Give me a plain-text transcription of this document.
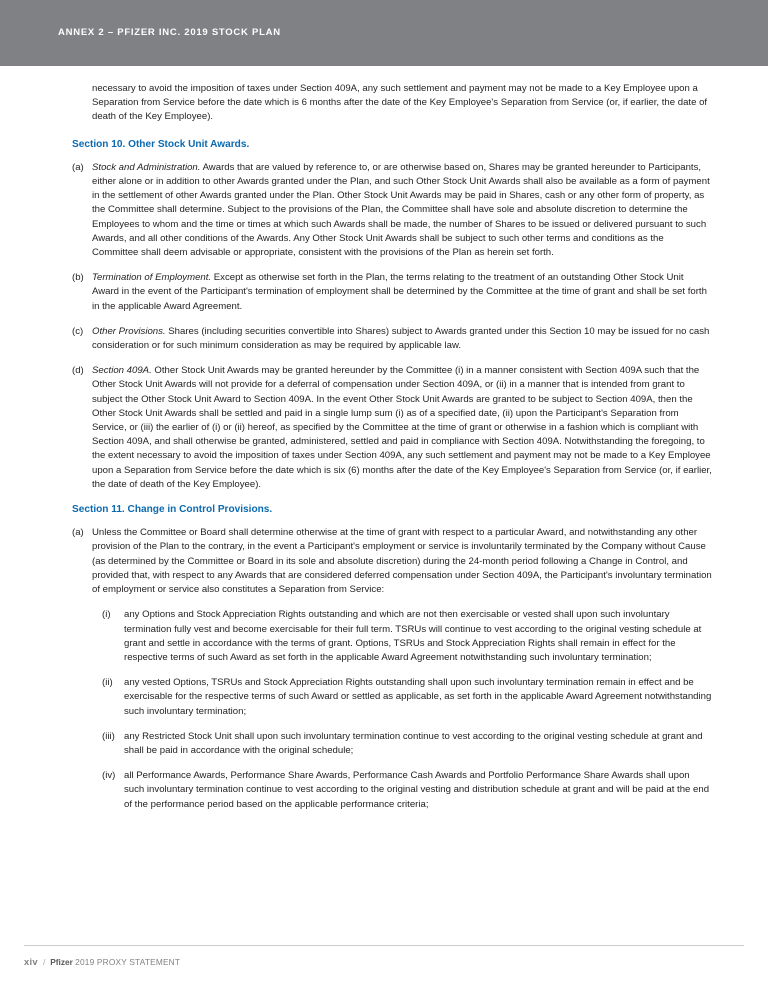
ANNEX 2 – PFIZER INC. 2019 STOCK PLAN

necessary to avoid the imposition of taxes under Section 409A, any such settlement and payment may not be made to a Key Employee upon a Separation from Service before the date which is 6 months after the date of the Key Employee's Separation from Service (or, if earlier, the date of death of the Key Employee).

Section 10. Other Stock Unit Awards.

(a) Stock and Administration. Awards that are valued by reference to, or are otherwise based on, Shares may be granted hereunder to Participants, either alone or in addition to other Awards granted under the Plan, and such Other Stock Unit Awards shall also be available as a form of payment in the settlement of other Awards granted under the Plan. Other Stock Unit Awards may be paid in Shares, cash or any other form of property, as the Committee shall determine. Subject to the provisions of the Plan, the Committee shall have sole and absolute discretion to determine the Employees to whom and the time or times at which such Awards shall be made, the number of Shares to be issued or delivered pursuant to such Awards, and all other conditions of the Awards. Any Other Stock Unit Awards shall be subject to such other terms and conditions as the Committee shall deem advisable or appropriate, consistent with the provisions of the Plan as herein set forth.
(b) Termination of Employment. Except as otherwise set forth in the Plan, the terms relating to the treatment of an outstanding Other Stock Unit Award in the event of the Participant's termination of employment shall be determined by the Committee at the time of grant and shall be set forth in the applicable Award Agreement.
(c) Other Provisions. Shares (including securities convertible into Shares) subject to Awards granted under this Section 10 may be issued for no cash consideration or for such minimum consideration as may be required by applicable law.
(d) Section 409A. Other Stock Unit Awards may be granted hereunder by the Committee (i) in a manner consistent with Section 409A such that the Other Stock Unit Awards will not provide for a deferral of compensation under Section 409A, or (ii) in a manner that is intended from grant to subject the Other Stock Unit Award to Section 409A. In the event Other Stock Unit Awards are granted to be subject to Section 409A, then the Other Stock Unit Awards shall be settled and paid in a single lump sum (i) as of a specified date, (ii) upon the Participant's Separation from Service, or (iii) the earlier of (i) or (ii) hereof, as specified by the Committee at the time of grant or otherwise in a fashion which is compliant with Section 409A, and shall otherwise be granted, administered, settled and paid in compliance with Section 409A. Notwithstanding the foregoing, to the extent necessary to avoid the imposition of taxes under Section 409A, any such settlement and payment may not be made to a Key Employee upon a Separation from Service before the date which is six (6) months after the date of the Key Employee's Separation from Service (or, if earlier, the date of death of the Key Employee).

Section 11. Change in Control Provisions.

(a) Unless the Committee or Board shall determine otherwise at the time of grant with respect to a particular Award, and notwithstanding any other provision of the Plan to the contrary, in the event a Participant's employment or service is involuntarily terminated by the Company without Cause (as determined by the Committee or Board in its sole and absolute discretion) during the 24-month period following a Change in Control, and provided that, with respect to any Awards that are considered deferred compensation under Section 409A, the Participant's involuntary termination of employment or service also constitutes a Separation from Service:
(i)	any Options and Stock Appreciation Rights outstanding and which are not then exercisable or vested shall upon such involuntary termination fully vest and become exercisable for their full term. TSRUs will continue to vest according to the original vesting schedule at grant and settle in accordance with the terms of grant. Options, TSRUs and Stock Appreciation Rights shall remain in effect for the respective terms of such Award as set forth in the applicable Award Agreement notwithstanding such involuntary termination;
(ii)	any vested Options, TSRUs and Stock Appreciation Rights outstanding shall upon such involuntary termination remain in effect and be exercisable for the respective terms of such Award or settled as applicable, as set forth in the applicable Award Agreement notwithstanding such involuntary termination;
(iii) any Restricted Stock Unit shall upon such involuntary termination continue to vest according to the original vesting schedule at grant and shall be paid in accordance with the original schedule;
(iv) all Performance Awards, Performance Share Awards, Performance Cash Awards and Portfolio Performance Share Awards shall upon such involuntary termination continue to vest according to the original vesting and distribution schedule at grant and will be paid at the end of the performance period based on the applicable performance criteria;
xiv / Pfizer 2019 PROXY STATEMENT
